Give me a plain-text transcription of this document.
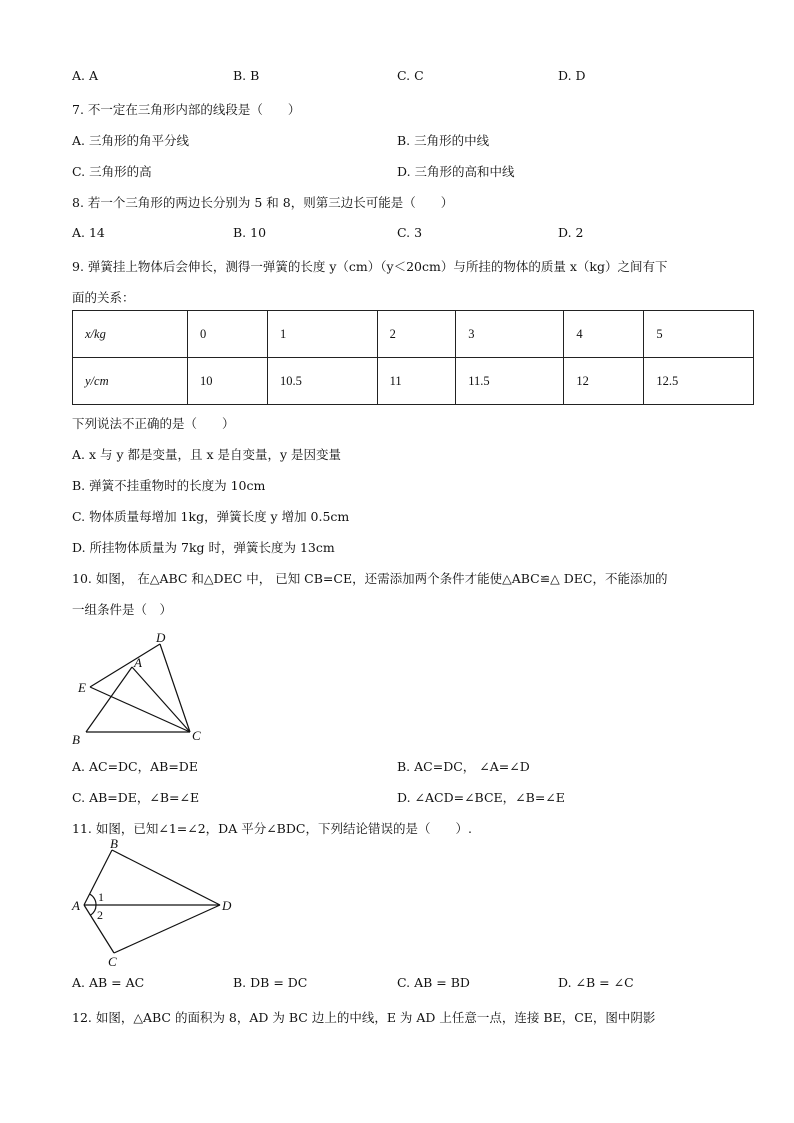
A. A	B. B	C. C	D. D
7. 不一定在三角形内部的线段是（　　）
A. 三角形的角平分线	B. 三角形的中线
C. 三角形的高	D. 三角形的高和中线
8. 若一个三角形的两边长分别为 5 和 8，则第三边长可能是（　　）
A. 14	B. 10	C. 3	D. 2
9. 弹簧挂上物体后会伸长，测得一弹簧的长度 y（cm）（y＜20cm）与所挂的物体的质量 x（kg）之间有下
面的关系：
x/kg	0	1	2	3	4	5
y/cm	10	10.5	11	11.5	12	12.5
下列说法不正确的是（　　）
A. x 与 y 都是变量，且 x 是自变量，y 是因变量
B. 弹簧不挂重物时的长度为 10cm
C. 物体质量每增加 1kg，弹簧长度 y 增加 0.5cm
D. 所挂物体质量为 7kg 时，弹簧长度为 13cm
10. 如图， 在△ABC 和△DEC 中， 已知 CB=CE，还需添加两个条件才能使△ABC≌△ DEC，不能添加的
一组条件是（　）
D
A
E
B	C
A. AC=DC，AB=DE	B. AC=DC， ∠A=∠D
C. AB=DE，∠B=∠E	D. ∠ACD=∠BCE，∠B=∠E
11. 如图，已知∠1=∠2，DA 平分∠BDC，下列结论错误的是（　　）.
B
A	D
C
1
2
A. AB = AC	B. DB = DC	C. AB = BD	D. ∠B = ∠C
12. 如图，△ABC 的面积为 8，AD 为 BC 边上的中线，E 为 AD 上任意一点，连接 BE，CE，图中阴影
